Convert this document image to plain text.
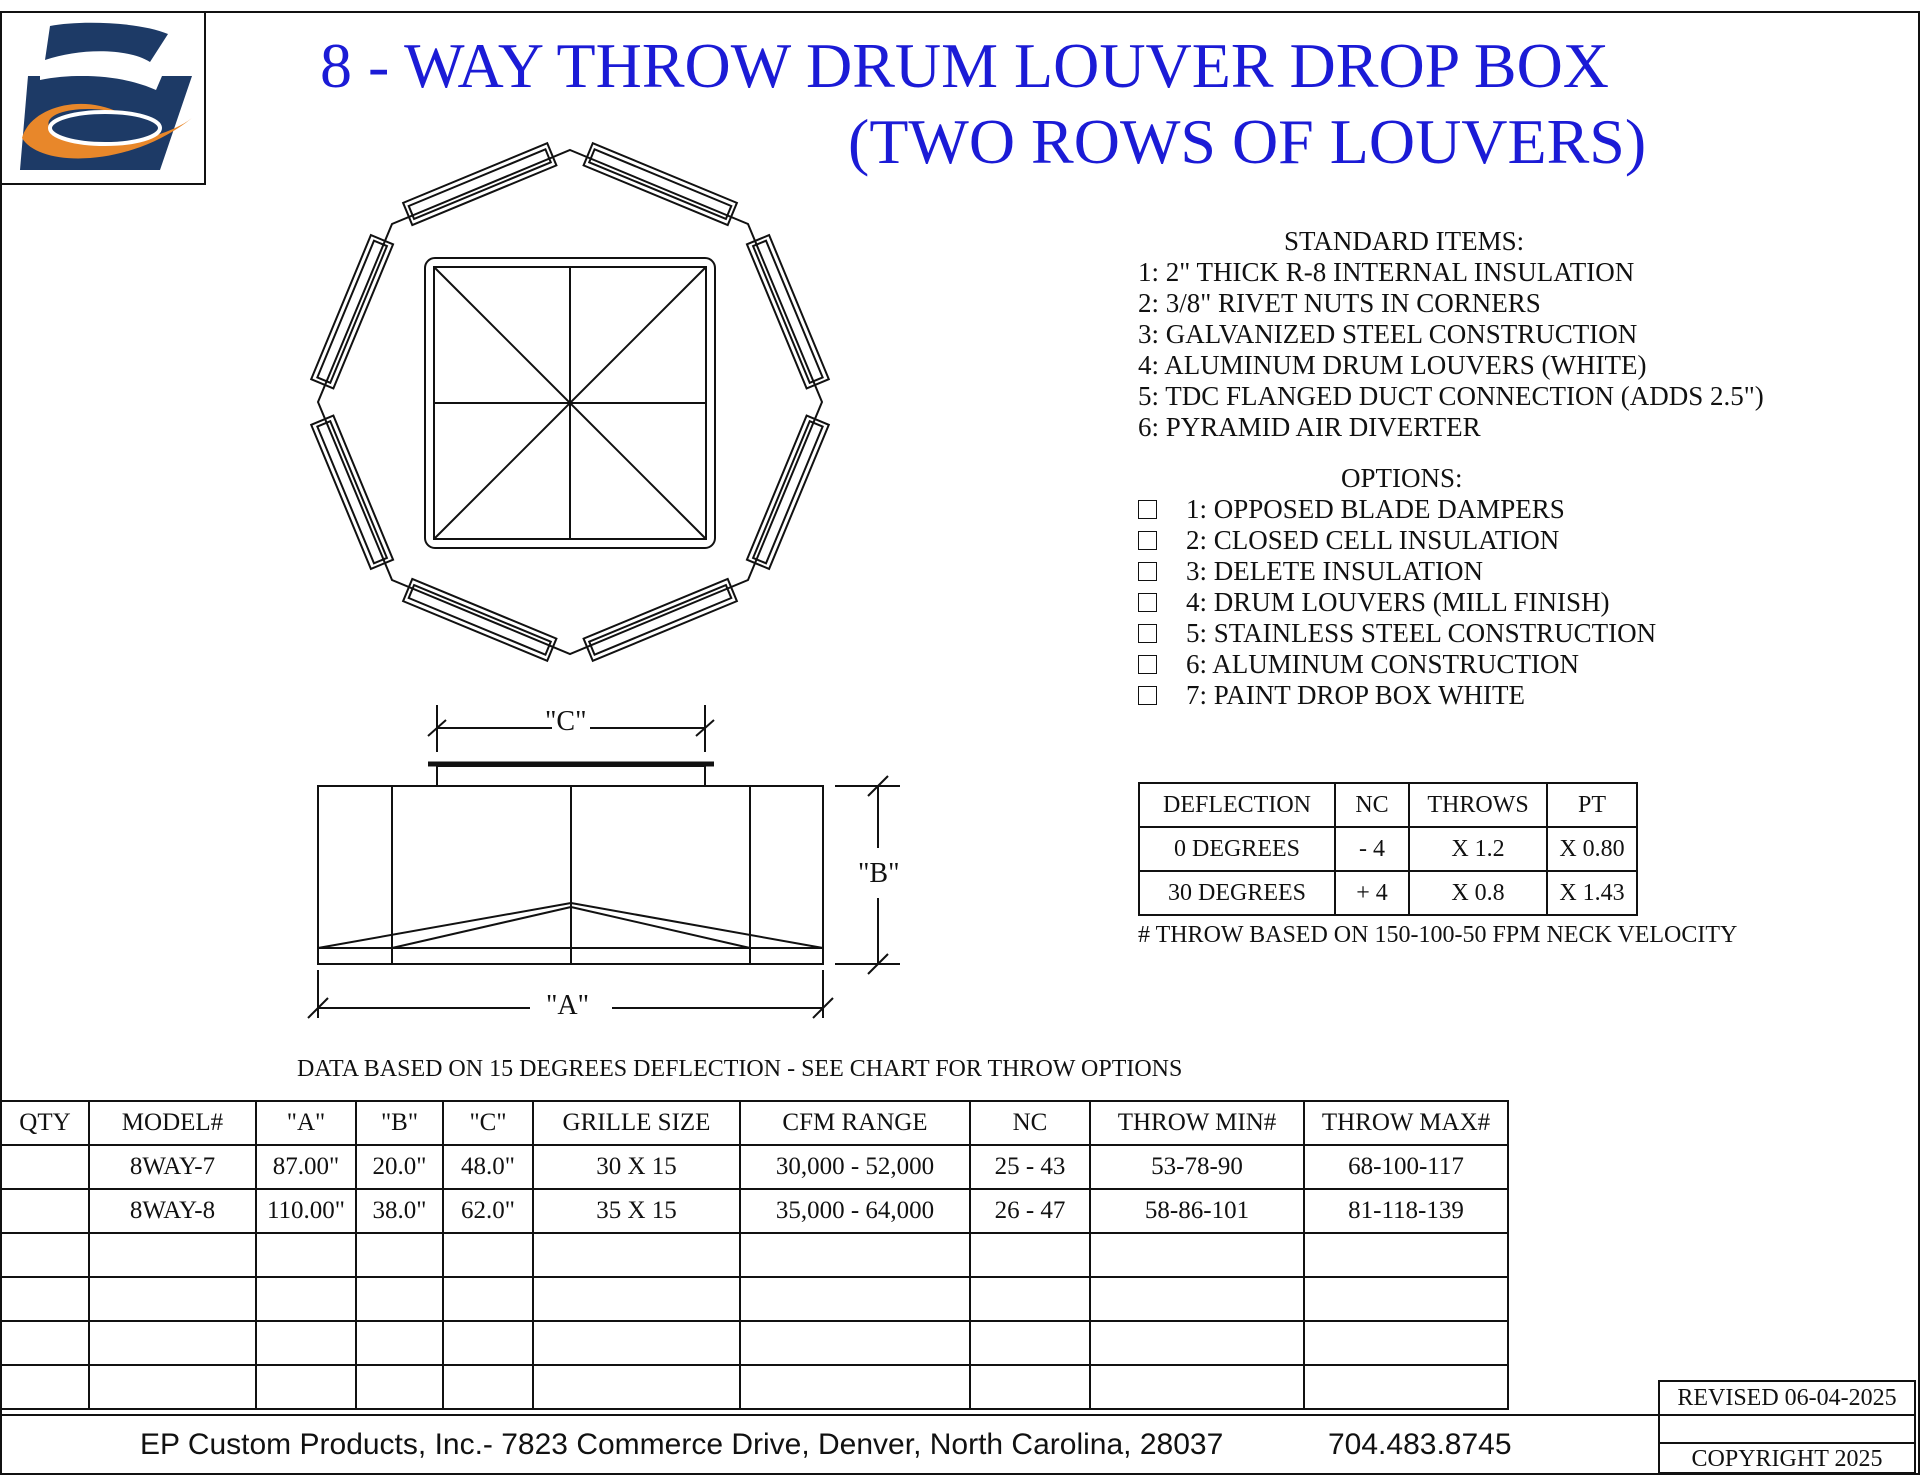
8 - WAY THROW DRUM LOUVER DROP BOX
(TWO ROWS OF LOUVERS)
"C"
"B"
"A"
STANDARD ITEMS:
1: 2" THICK R-8 INTERNAL INSULATION
2: 3/8" RIVET NUTS IN CORNERS
3: GALVANIZED STEEL CONSTRUCTION
4: ALUMINUM DRUM LOUVERS (WHITE)
5: TDC FLANGED DUCT CONNECTION (ADDS 2.5")
6: PYRAMID AIR DIVERTER
OPTIONS:
1: OPPOSED BLADE DAMPERS
2: CLOSED CELL INSULATION
3: DELETE INSULATION
4: DRUM LOUVERS (MILL FINISH)
5: STAINLESS STEEL CONSTRUCTION
6: ALUMINUM CONSTRUCTION
7: PAINT DROP BOX WHITE
DEFLECTION	NC	THROWS	PT
0 DEGREES	- 4	X 1.2	X 0.80
30 DEGREES	+ 4	X 0.8	X 1.43
# THROW BASED ON 150-100-50 FPM NECK VELOCITY
DATA BASED ON 15 DEGREES DEFLECTION - SEE CHART FOR THROW OPTIONS
QTY	MODEL#	"A"	"B"	"C"	GRILLE SIZE	CFM RANGE	NC	THROW MIN#	THROW MAX#
	8WAY-7	87.00"	20.0"	48.0"	30 X 15	30,000 - 52,000	25 - 43	53-78-90	68-100-117
	8WAY-8	110.00"	38.0"	62.0"	35 X 15	35,000 - 64,000	26 - 47	58-86-101	81-118-139

EP Custom Products, Inc.- 7823 Commerce Drive, Denver, North Carolina, 28037	704.483.8745
REVISED 06-04-2025
COPYRIGHT 2025
